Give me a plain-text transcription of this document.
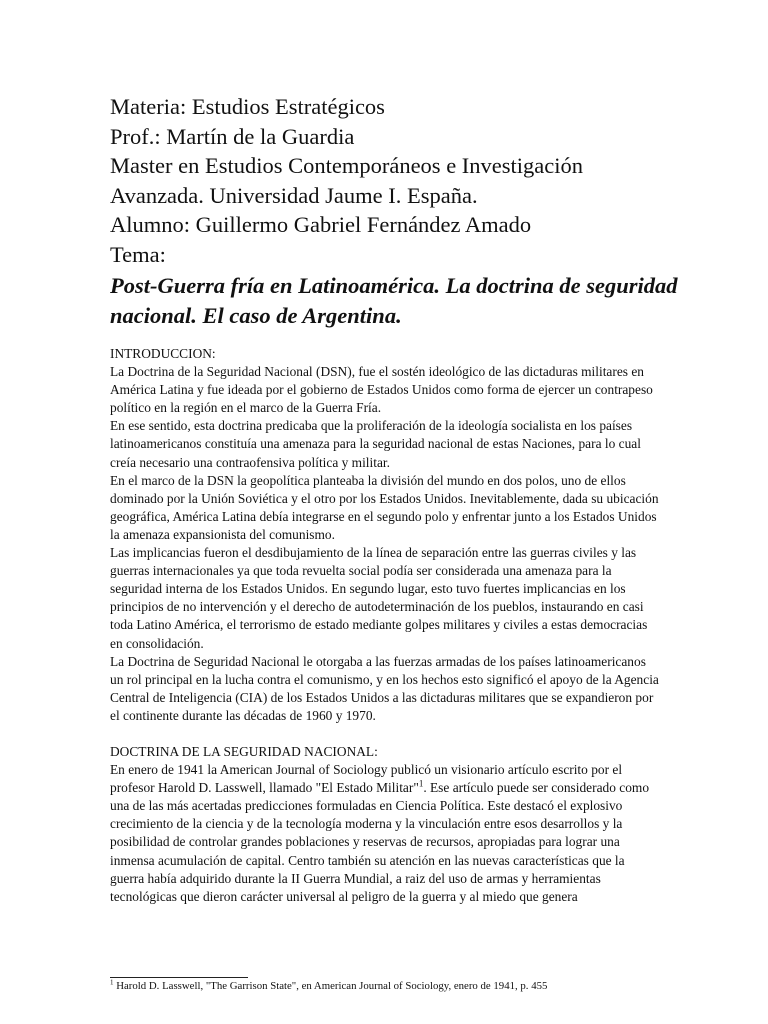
Materia: Estudios Estratégicos
Prof.: Martín de la Guardia
Master en Estudios Contemporáneos e Investigación
Avanzada. Universidad Jaume I. España.
Alumno: Guillermo Gabriel Fernández Amado
Tema:
Post-Guerra fría en Latinoamérica. La doctrina de seguridad nacional. El caso de Argentina.

INTRODUCCION:

La Doctrina de la Seguridad Nacional (DSN), fue el sostén ideológico de las dictaduras militares en América Latina y fue ideada por el gobierno de Estados Unidos como forma de ejercer un contrapeso político en la región en el marco de la Guerra Fría.

En ese sentido, esta doctrina predicaba que la proliferación de la ideología socialista en los países latinoamericanos constituía una amenaza para la seguridad nacional de estas Naciones, para lo cual creía necesario una contraofensiva política y militar.

En el marco de la DSN la geopolítica planteaba la división del mundo en dos polos, uno de ellos dominado por la Unión Soviética y el otro por los Estados Unidos. Inevitablemente, dada su ubicación geográfica, América Latina debía integrarse en el segundo polo y enfrentar junto a los Estados Unidos la amenaza expansionista del comunismo.

Las implicancias fueron el desdibujamiento de la línea de separación entre las guerras civiles y las guerras internacionales ya que toda revuelta social podía ser considerada una amenaza para la seguridad interna de los Estados Unidos. En segundo lugar, esto tuvo fuertes implicancias en los principios de no intervención y el derecho de autodeterminación de los pueblos, instaurando en casi toda Latino América, el terrorismo de estado mediante golpes militares y civiles a estas democracias en consolidación.

La Doctrina de Seguridad Nacional le otorgaba a las fuerzas armadas de los países latinoamericanos un rol principal en la lucha contra el comunismo, y en los hechos esto significó el apoyo de la Agencia Central de Inteligencia (CIA) de los Estados Unidos a las dictaduras militares que se expandieron por el continente durante las décadas de 1960 y 1970.

DOCTRINA DE LA SEGURIDAD NACIONAL:

En enero de 1941 la American Journal of Sociology publicó un visionario artículo escrito por el profesor Harold D. Lasswell, llamado "El Estado Militar"$^1$. Ese artículo puede ser considerado como una de las más acertadas predicciones formuladas en Ciencia Política. Este destacó el explosivo crecimiento de la ciencia y de la tecnología moderna y la vinculación entre esos desarrollos y la posibilidad de controlar grandes poblaciones y reservas de recursos, apropiadas para lograr una inmensa acumulación de capital. Centro también su atención en las nuevas características que la guerra había adquirido durante la II Guerra Mundial, a raiz del uso de armas y herramientas tecnológicas que dieron carácter universal al peligro de la guerra y al miedo que genera

$^1$ Harold D. Lasswell, "The Garrison State", en American Journal of Sociology, enero de 1941, p. 455
